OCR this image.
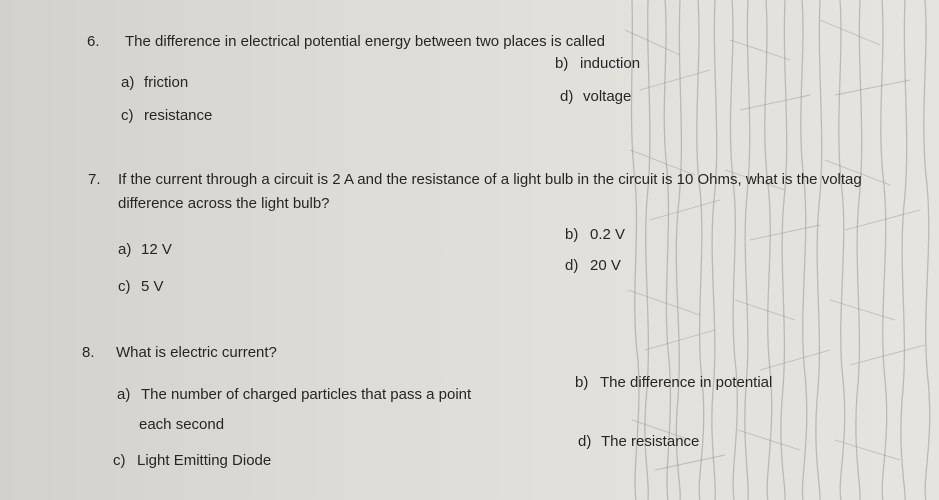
6. The difference in electrical potential energy between two places is called
b) induction
a) friction
d) voltage
c) resistance
7. If the current through a circuit is 2 A and the resistance of a light bulb in the circuit is 10 Ohms, what is the voltag
difference across the light bulb?
b) 0.2 V
a) 12 V
d) 20 V
c) 5 V
8. What is electric current?
a) The number of charged particles that pass a point
each second
b) The difference in potential
d) The resistance
c) Light Emitting Diode
